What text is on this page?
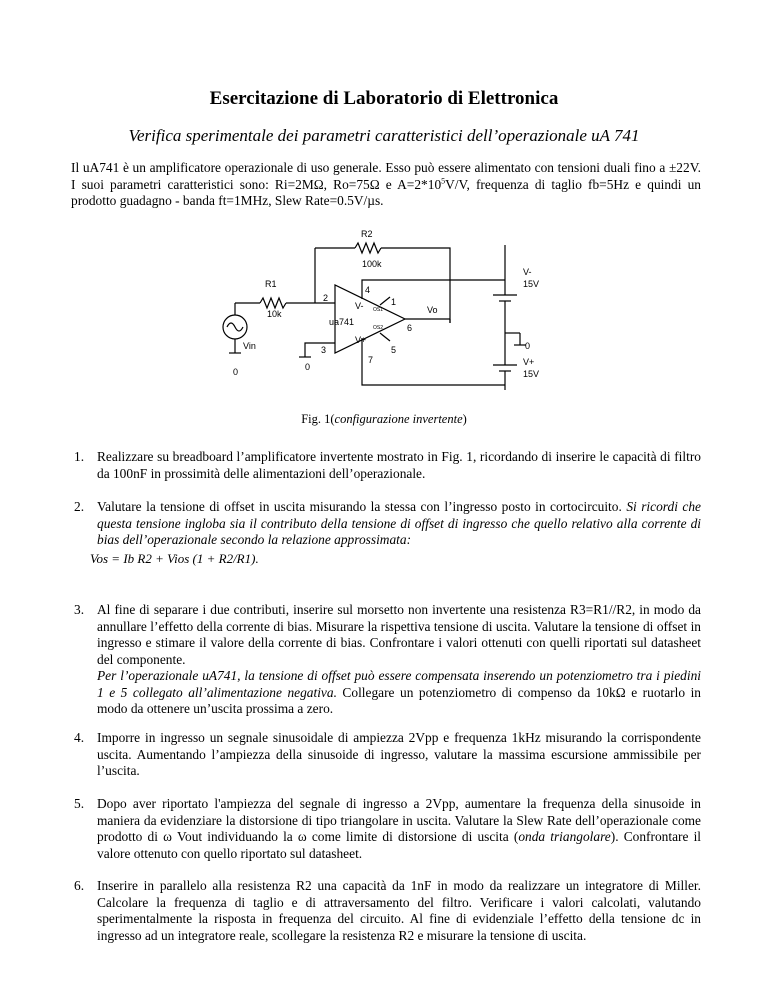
Esercitazione di Laboratorio di Elettronica
Verifica sperimentale dei parametri caratteristici dell’operazionale uA 741
Il uA741 è un amplificatore operazionale di uso generale. Esso può essere alimentato con tensioni duali fino a ±22V. I suoi parametri caratteristici sono: Ri=2MΩ, Ro=75Ω e $A=2*10^5V/V$, frequenza di taglio fb=5Hz e quindi un prodotto guadagno - banda ft=1MHz, Slew Rate=0.5V/µs.
R2
100k
R1
10k
Vin
0	0
ua741
V-
V+
Vo
1
2
3
4
5
6
7
V-
15V
V+
15V
0
OS1
OS2
Fig. 1(configurazione invertente)
1. Realizzare su breadboard l’amplificatore invertente mostrato in Fig. 1, ricordando di inserire le capacità di filtro da 100nF in prossimità delle alimentazioni dell’operazionale.
2. Valutare la tensione di offset in uscita misurando la stessa con l’ingresso posto in cortocircuito. Si ricordi che questa tensione ingloba sia il contributo della tensione di offset di ingresso che quello relativo alla corrente di bias dell’operazionale secondo la relazione approssimata:
Vos = Ib R2 + Vios (1 + R2/R1).
3. Al fine di separare i due contributi, inserire sul morsetto non invertente una resistenza R3=R1//R2, in modo da annullare l’effetto della corrente di bias. Misurare la rispettiva tensione di uscita. Valutare la tensione di offset in ingresso e stimare il valore della corrente di bias. Confrontare i valori ottenuti con quelli riportati sul datasheet del componente.
Per l’operazionale uA741, la tensione di offset può essere compensata inserendo un potenziometro tra i piedini 1 e 5 collegato all’alimentazione negativa. Collegare un potenziometro di compenso da 10kΩ e ruotarlo in modo da ottenere un’uscita prossima a zero.
4. Imporre in ingresso un segnale sinusoidale di ampiezza 2Vpp e frequenza 1kHz misurando la corrispondente uscita. Aumentando l’ampiezza della sinusoide di ingresso, valutare la massima escursione ammissibile per l’uscita.
5. Dopo aver riportato l'ampiezza del segnale di ingresso a 2Vpp, aumentare la frequenza della sinusoide in maniera da evidenziare la distorsione di tipo triangolare in uscita. Valutare la Slew Rate dell’operazionale come prodotto di ω Vout individuando la ω come limite di distorsione di uscita (onda triangolare). Confrontare il valore ottenuto con quello riportato sul datasheet.
6. Inserire in parallelo alla resistenza R2 una capacità da 1nF in modo da realizzare un integratore di Miller. Calcolare la frequenza di taglio e di attraversamento del filtro. Verificare i valori calcolati, valutando sperimentalmente la risposta in frequenza del circuito. Al fine di evidenziale l’effetto della tensione dc in ingresso ad un integratore reale, scollegare la resistenza R2 e misurare la tensione di uscita.
